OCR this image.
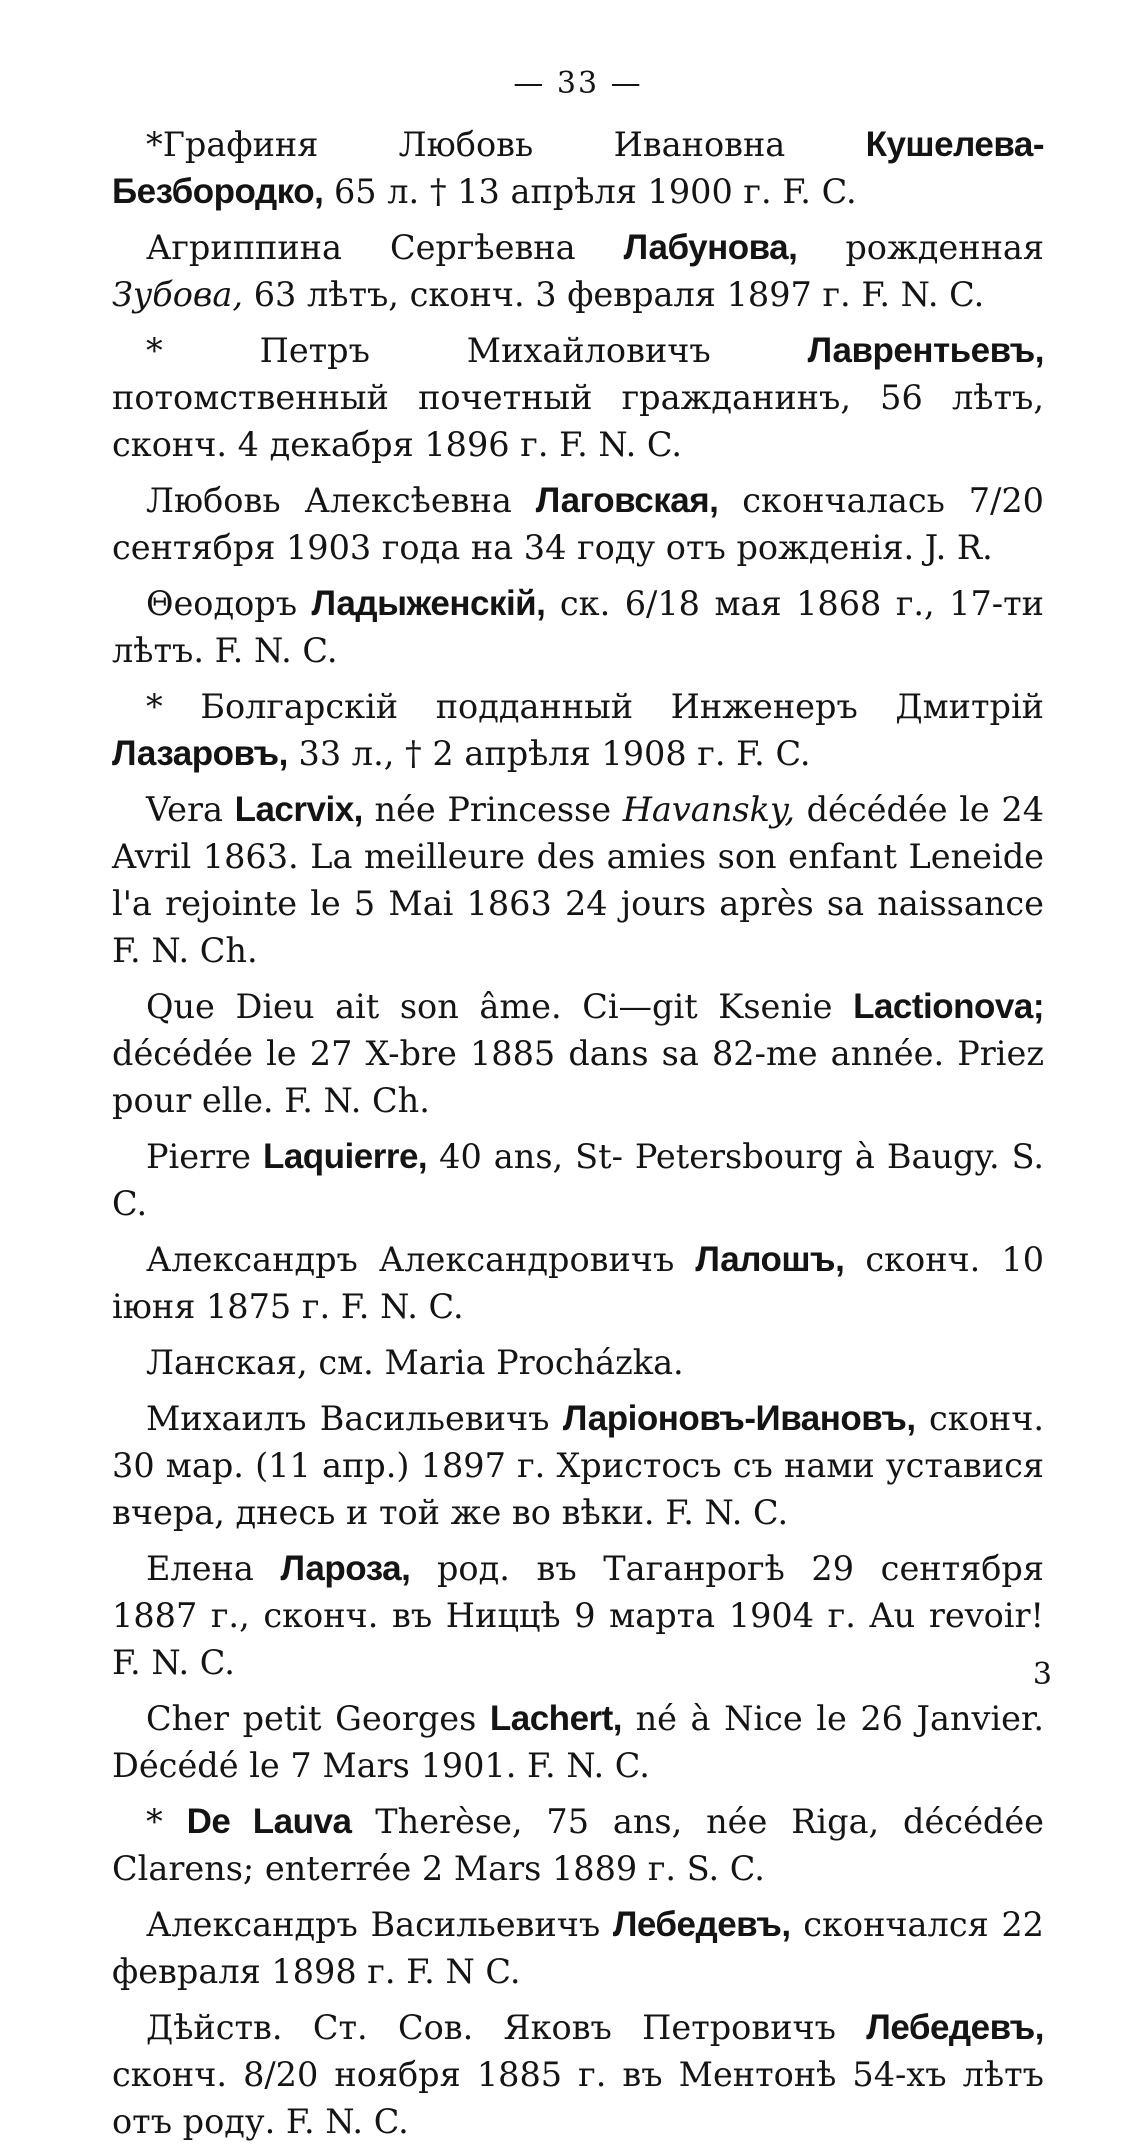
— 33 —

*Графиня Любовь Ивановна Кушелева-Безбородко, 65 л. † 13 апрѣля 1900 г. F. C.

Агриппина Сергѣевна Лабунова, рожденная Зубова, 63 лѣтъ, сконч. 3 февраля 1897 г. F. N. C.

* Петръ Михайловичъ Лаврентьевъ, потомственный почетный гражданинъ, 56 лѣтъ, сконч. 4 декабря 1896 г. F. N. C.

Любовь Алексѣевна Лаговская, скончалась 7/20 сентября 1903 года на 34 году отъ рожденія. J. R.

Θеодоръ Ладыженскій, ск. 6/18 мая 1868 г., 17-ти лѣтъ. F. N. C.

* Болгарскій подданный Инженеръ Дмитрій Лазаровъ, 33 л., † 2 апрѣля 1908 г. F. C.

Vera Lacrvix, née Princesse Havansky, décédée le 24 Avril 1863. La meilleure des amies son enfant Leneide l'a rejointe le 5 Mai 1863 24 jours après sa naissance F. N. Ch.

Que Dieu ait son âme. Ci—git Ksenie Lactionova; décédée le 27 X-bre 1885 dans sa 82-me année. Priez pour elle. F. N. Ch.

Pierre Laquierre, 40 ans, St- Petersbourg à Baugy. S. C.

Александръ Александровичъ Лалошъ, сконч. 10 іюня 1875 г. F. N. C.

Ланская, см. Maria Procházka.

Михаилъ Васильевичъ Ларіоновъ-Ивановъ, сконч. 30 мар. (11 апр.) 1897 г. Христосъ съ нами уставися вчера, днесь и той же во вѣки. F. N. C.

Елена Лароза, род. въ Таганрогѣ 29 сентября 1887 г., сконч. въ Ниццѣ 9 марта 1904 г. Au revoir! F. N. C.

Cher petit Georges Lachert, né à Nice le 26 Janvier. Décédé le 7 Mars 1901. F. N. C.

* De Lauva Therèse, 75 ans, née Riga, décédée Clarens; enterrée 2 Mars 1889 г. S. C.

Александръ Васильевичъ Лебедевъ, скончался 22 февраля 1898 г. F. N C.

Дѣйств. Ст. Сов. Яковъ Петровичъ Лебедевъ, сконч. 8/20 ноября 1885 г. въ Ментонѣ 54-хъ лѣтъ отъ роду. F. N. C.

3
